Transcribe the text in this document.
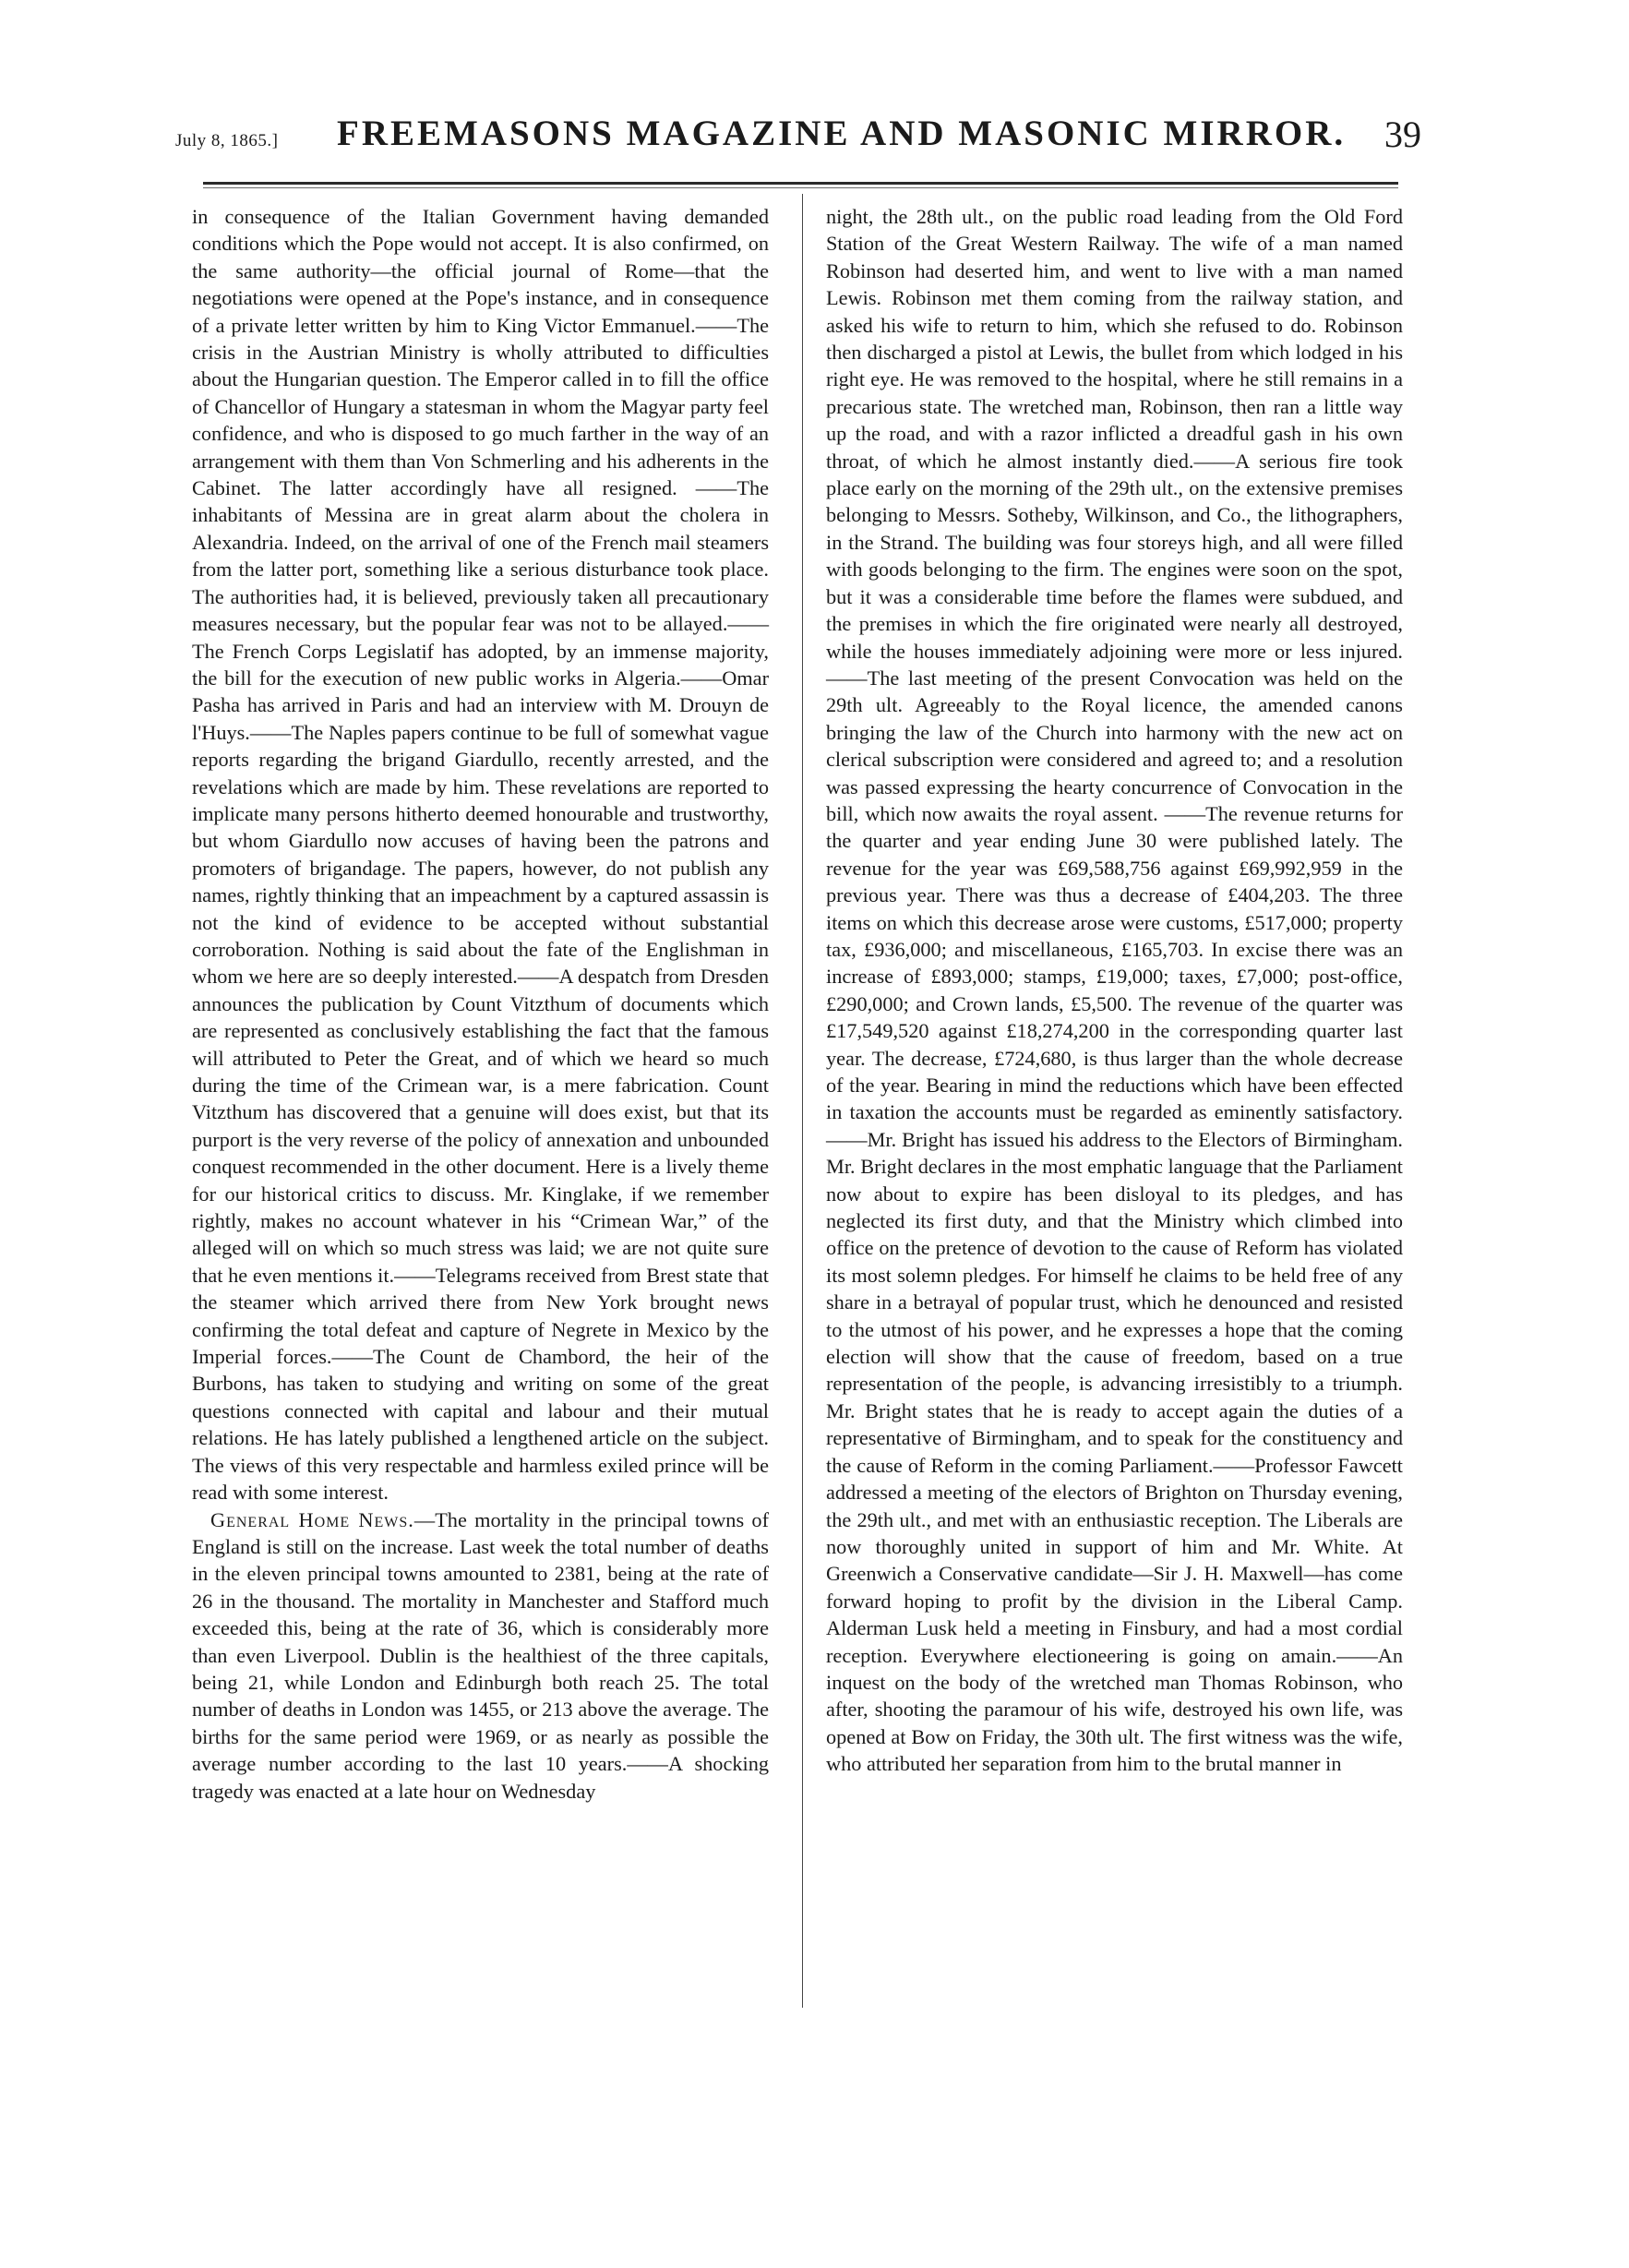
July 8, 1865.] FREEMASONS MAGAZINE AND MASONIC MIRROR. 39

in consequence of the Italian Government having demanded conditions which the Pope would not accept. It is also confirmed, on the same authority—the official journal of Rome—that the negotiations were opened at the Pope's instance, and in consequence of a private letter written by him to King Victor Emmanuel.——The crisis in the Austrian Ministry is wholly attributed to difficulties about the Hungarian question. The Emperor called in to fill the office of Chancellor of Hungary a statesman in whom the Magyar party feel confidence, and who is disposed to go much farther in the way of an arrangement with them than Von Schmerling and his adherents in the Cabinet. The latter accordingly have all resigned. ——The inhabitants of Messina are in great alarm about the cholera in Alexandria. Indeed, on the arrival of one of the French mail steamers from the latter port, something like a serious disturbance took place. The authorities had, it is believed, previously taken all precautionary measures necessary, but the popular fear was not to be allayed.——The French Corps Legislatif has adopted, by an immense majority, the bill for the execution of new public works in Algeria.——Omar Pasha has arrived in Paris and had an interview with M. Drouyn de l'Huys.——The Naples papers continue to be full of somewhat vague reports regarding the brigand Giardullo, recently arrested, and the revelations which are made by him. These revelations are reported to implicate many persons hitherto deemed honourable and trustworthy, but whom Giardullo now accuses of having been the patrons and promoters of brigandage. The papers, however, do not publish any names, rightly thinking that an impeachment by a captured assassin is not the kind of evidence to be accepted without substantial corroboration. Nothing is said about the fate of the Englishman in whom we here are so deeply interested.——A despatch from Dresden announces the publication by Count Vitzthum of documents which are represented as conclusively establishing the fact that the famous will attributed to Peter the Great, and of which we heard so much during the time of the Crimean war, is a mere fabrication. Count Vitzthum has discovered that a genuine will does exist, but that its purport is the very reverse of the policy of annexation and unbounded conquest recommended in the other document. Here is a lively theme for our historical critics to discuss. Mr. Kinglake, if we remember rightly, makes no account whatever in his “Crimean War,” of the alleged will on which so much stress was laid; we are not quite sure that he even mentions it.——Telegrams received from Brest state that the steamer which arrived there from New York brought news confirming the total defeat and capture of Negrete in Mexico by the Imperial forces.——The Count de Chambord, the heir of the Burbons, has taken to studying and writing on some of the great questions connected with capital and labour and their mutual relations. He has lately published a lengthened article on the subject. The views of this very respectable and harmless exiled prince will be read with some interest.

General Home News.—The mortality in the principal towns of England is still on the increase. Last week the total number of deaths in the eleven principal towns amounted to 2381, being at the rate of 26 in the thousand. The mortality in Manchester and Stafford much exceeded this, being at the rate of 36, which is considerably more than even Liverpool. Dublin is the healthiest of the three capitals, being 21, while London and Edinburgh both reach 25. The total number of deaths in London was 1455, or 213 above the average. The births for the same period were 1969, or as nearly as possible the average number according to the last 10 years.——A shocking tragedy was enacted at a late hour on Wednesday

night, the 28th ult., on the public road leading from the Old Ford Station of the Great Western Railway. The wife of a man named Robinson had deserted him, and went to live with a man named Lewis. Robinson met them coming from the railway station, and asked his wife to return to him, which she refused to do. Robinson then discharged a pistol at Lewis, the bullet from which lodged in his right eye. He was removed to the hospital, where he still remains in a precarious state. The wretched man, Robinson, then ran a little way up the road, and with a razor inflicted a dreadful gash in his own throat, of which he almost instantly died.——A serious fire took place early on the morning of the 29th ult., on the extensive premises belonging to Messrs. Sotheby, Wilkinson, and Co., the lithographers, in the Strand. The building was four storeys high, and all were filled with goods belonging to the firm. The engines were soon on the spot, but it was a considerable time before the flames were subdued, and the premises in which the fire originated were nearly all destroyed, while the houses immediately adjoining were more or less injured.——The last meeting of the present Convocation was held on the 29th ult. Agreeably to the Royal licence, the amended canons bringing the law of the Church into harmony with the new act on clerical subscription were considered and agreed to; and a resolution was passed expressing the hearty concurrence of Convocation in the bill, which now awaits the royal assent. ——The revenue returns for the quarter and year ending June 30 were published lately. The revenue for the year was £69,588,756 against £69,992,959 in the previous year. There was thus a decrease of £404,203. The three items on which this decrease arose were customs, £517,000; property tax, £936,000; and miscellaneous, £165,703. In excise there was an increase of £893,000; stamps, £19,000; taxes, £7,000; post-office, £290,000; and Crown lands, £5,500. The revenue of the quarter was £17,549,520 against £18,274,200 in the corresponding quarter last year. The decrease, £724,680, is thus larger than the whole decrease of the year. Bearing in mind the reductions which have been effected in taxation the accounts must be regarded as eminently satisfactory.——Mr. Bright has issued his address to the Electors of Birmingham. Mr. Bright declares in the most emphatic language that the Parliament now about to expire has been disloyal to its pledges, and has neglected its first duty, and that the Ministry which climbed into office on the pretence of devotion to the cause of Reform has violated its most solemn pledges. For himself he claims to be held free of any share in a betrayal of popular trust, which he denounced and resisted to the utmost of his power, and he expresses a hope that the coming election will show that the cause of freedom, based on a true representation of the people, is advancing irresistibly to a triumph. Mr. Bright states that he is ready to accept again the duties of a representative of Birmingham, and to speak for the constituency and the cause of Reform in the coming Parliament.——Professor Fawcett addressed a meeting of the electors of Brighton on Thursday evening, the 29th ult., and met with an enthusiastic reception. The Liberals are now thoroughly united in support of him and Mr. White. At Greenwich a Conservative candidate—Sir J. H. Maxwell—has come forward hoping to profit by the division in the Liberal Camp. Alderman Lusk held a meeting in Finsbury, and had a most cordial reception. Everywhere electioneering is going on amain.——An inquest on the body of the wretched man Thomas Robinson, who after, shooting the paramour of his wife, destroyed his own life, was opened at Bow on Friday, the 30th ult. The first witness was the wife, who attributed her separation from him to the brutal manner in
